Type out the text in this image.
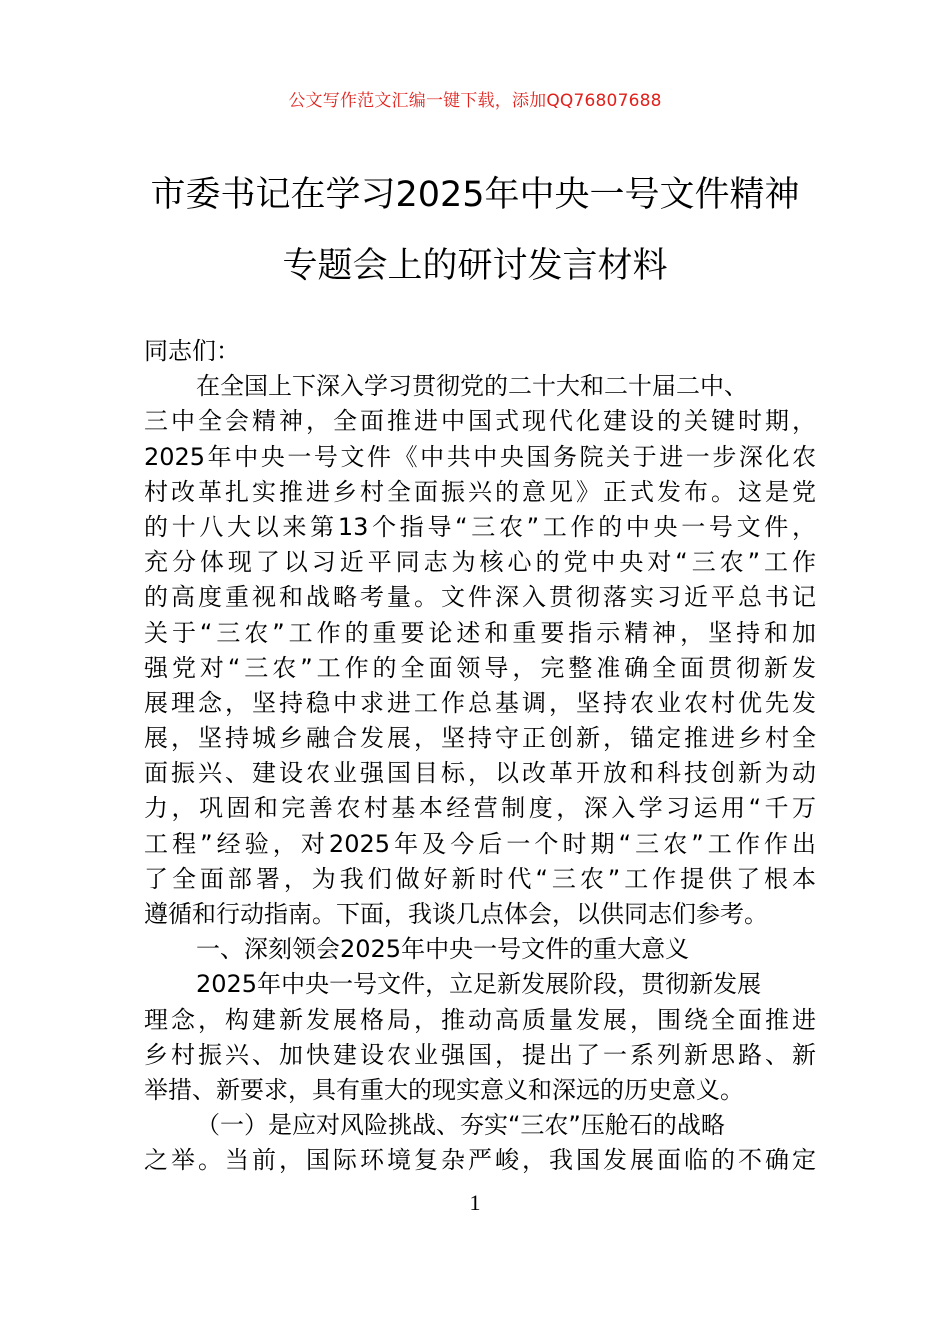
公文写作范文汇编一键下载，添加QQ76807688
市委书记在学习2025年中央一号文件精神
专题会上的研讨发言材料
同志们：
在全国上下深入学习贯彻党的二十大和二十届二中、
三中全会精神，全面推进中国式现代化建设的关键时期，
2025年中央一号文件《中共中央国务院关于进一步深化农
村改革扎实推进乡村全面振兴的意见》正式发布。这是党
的十八大以来第13个指导“三农”工作的中央一号文件，
充分体现了以习近平同志为核心的党中央对“三农”工作
的高度重视和战略考量。文件深入贯彻落实习近平总书记
关于“三农”工作的重要论述和重要指示精神，坚持和加
强党对“三农”工作的全面领导，完整准确全面贯彻新发
展理念，坚持稳中求进工作总基调，坚持农业农村优先发
展，坚持城乡融合发展，坚持守正创新，锚定推进乡村全
面振兴、建设农业强国目标，以改革开放和科技创新为动
力，巩固和完善农村基本经营制度，深入学习运用“千万
工程”经验，对2025年及今后一个时期“三农”工作作出
了全面部署，为我们做好新时代“三农”工作提供了根本
遵循和行动指南。下面，我谈几点体会，以供同志们参考。
一、深刻领会2025年中央一号文件的重大意义
2025年中央一号文件，立足新发展阶段，贯彻新发展
理念，构建新发展格局，推动高质量发展，围绕全面推进
乡村振兴、加快建设农业强国，提出了一系列新思路、新
举措、新要求，具有重大的现实意义和深远的历史意义。
（一）是应对风险挑战、夯实“三农”压舱石的战略
之举。当前，国际环境复杂严峻，我国发展面临的不确定
1
